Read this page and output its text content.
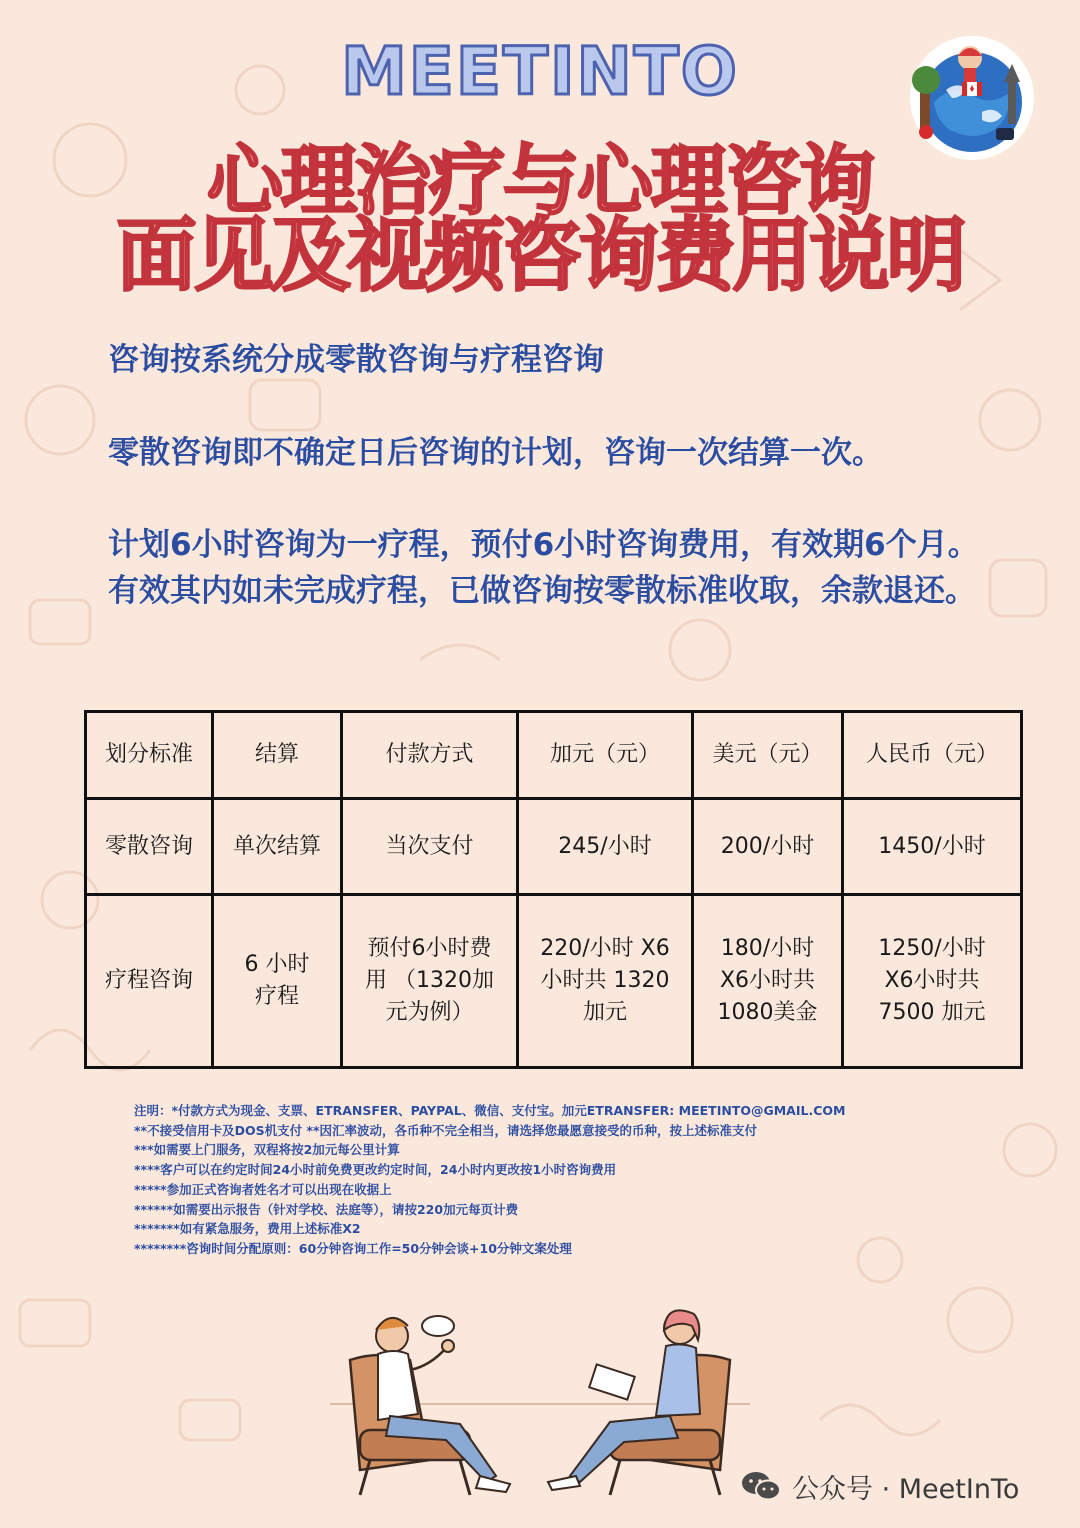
MEETINTO
心理治疗与心理咨询
面见及视频咨询费用说明

咨询按系统分成零散咨询与疗程咨询

零散咨询即不确定日后咨询的计划，咨询一次结算一次。

计划6小时咨询为一疗程，预付6小时咨询费用，有效期6个月。 有效其内如未完成疗程，已做咨询按零散标准收取，余款退还。

划分标准	结算	付款方式	加元（元）	美元（元）	人民币（元）
零散咨询	单次结算	当次支付	245/小时	200/小时	1450/小时
疗程咨询	6 小时疗程	预付6小时费用 （1320加元为例）	220/小时 X6小时共 1320 加元	180/小时 X6小时共 1080美金	1250/小时 X6小时共 7500 加元
注明：*付款方式为现金、支票、ETRANSFER、PAYPAL、微信、支付宝。加元ETRANSFER: MEETINTO@GMAIL.COM
**不接受信用卡及DOS机支付 **因汇率波动，各币种不完全相当，请选择您最愿意接受的币种，按上述标准支付
***如需要上门服务，双程将按2加元每公里计算
****客户可以在约定时间24小时前免费更改约定时间，24小时内更改按1小时咨询费用
*****参加正式咨询者姓名才可以出现在收据上
******如需要出示报告（针对学校、法庭等），请按220加元每页计费
*******如有紧急服务，费用上述标准X2
********咨询时间分配原则：60分钟咨询工作=50分钟会谈+10分钟文案处理
公众号 · MeetInTo
